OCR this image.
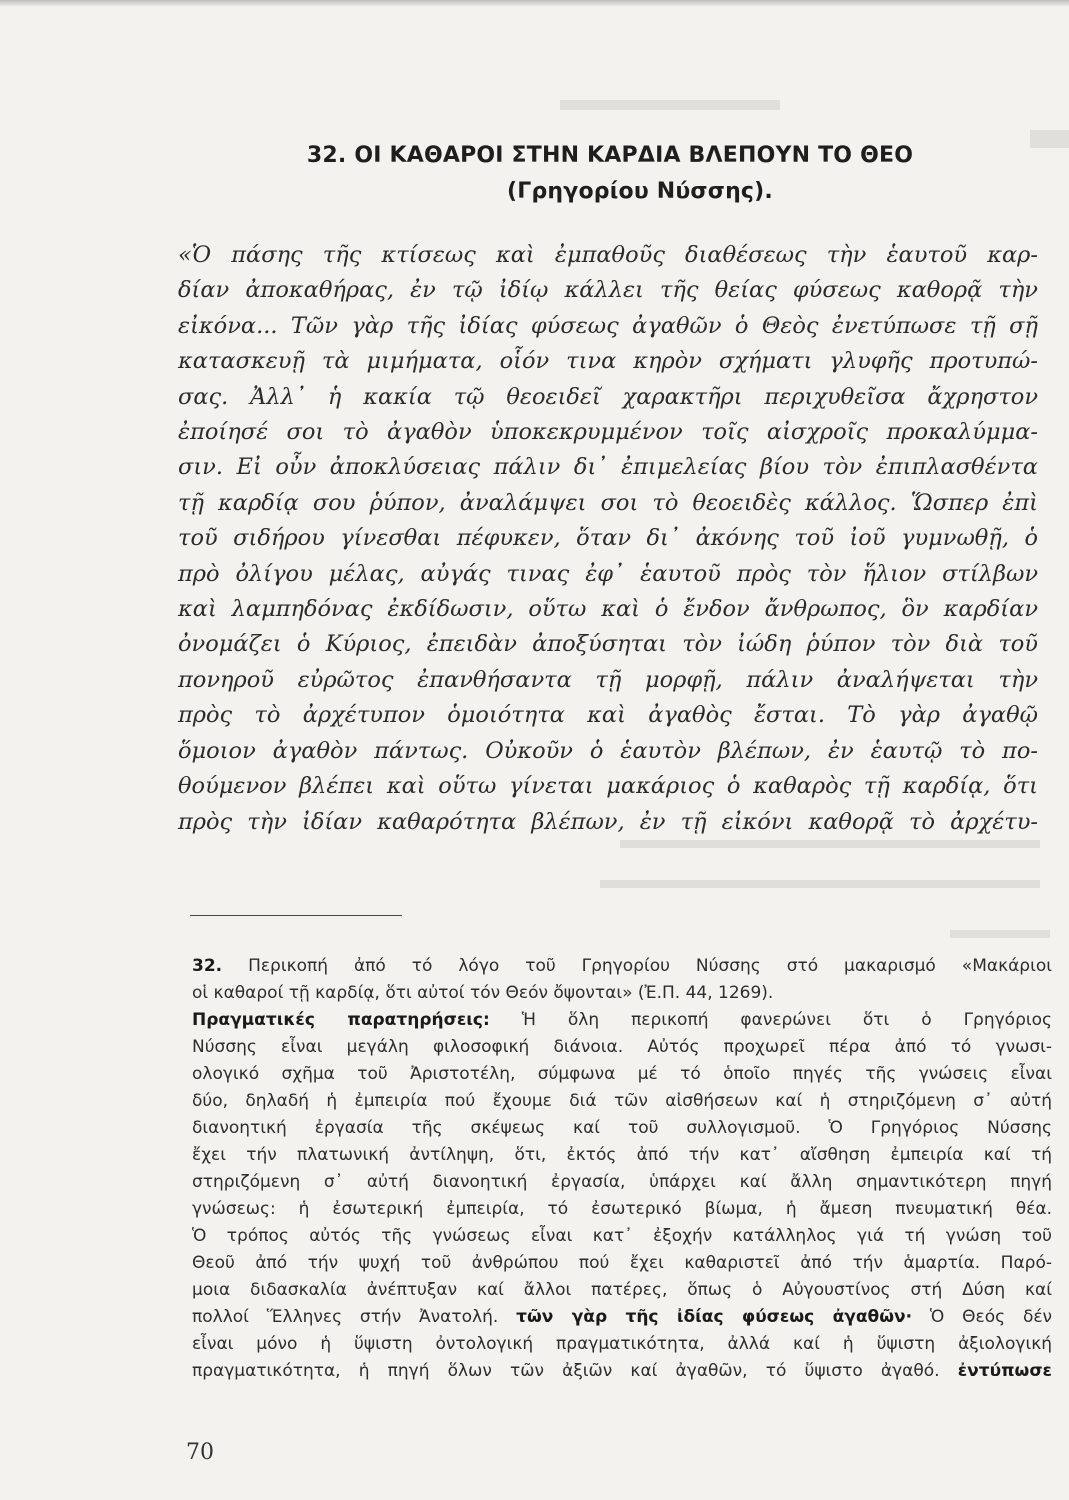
32. ΟΙ ΚΑΘΑΡΟΙ ΣΤΗΝ ΚΑΡΔΙΑ ΒΛΕΠΟΥΝ ΤΟ ΘΕΟ
(Γρηγορίου Νύσσης).
«Ὁ πάσης τῆς κτίσεως καὶ ἐμπαθοῦς διαθέσεως τὴν ἑαυτοῦ καρ-
δίαν ἀποκαθήρας, ἐν τῷ ἰδίῳ κάλλει τῆς θείας φύσεως καθορᾷ τὴν
εἰκόνα... Τῶν γὰρ τῆς ἰδίας φύσεως ἀγαθῶν ὁ Θεὸς ἐνετύπωσε τῇ σῇ
κατασκευῇ τὰ μιμήματα, οἷόν τινα κηρὸν σχήματι γλυφῆς προτυπώ-
σας. Ἀλλ᾽ ἡ κακία τῷ θεοειδεῖ χαρακτῆρι περιχυθεῖσα ἄχρηστον
ἐποίησέ σοι τὸ ἀγαθὸν ὑποκεκρυμμένον τοῖς αἰσχροῖς προκαλύμμα-
σιν. Εἰ οὖν ἀποκλύσειας πάλιν δι᾽ ἐπιμελείας βίου τὸν ἐπιπλασθέντα
τῇ καρδίᾳ σου ῥύπον, ἀναλάμψει σοι τὸ θεοειδὲς κάλλος. Ὥσπερ ἐπὶ
τοῦ σιδήρου γίνεσθαι πέφυκεν, ὅταν δι᾽ ἀκόνης τοῦ ἰοῦ γυμνωθῇ, ὁ
πρὸ ὀλίγου μέλας, αὐγάς τινας ἐφ᾽ ἑαυτοῦ πρὸς τὸν ἥλιον στίλβων
καὶ λαμπηδόνας ἐκδίδωσιν, οὕτω καὶ ὁ ἔνδον ἄνθρωπος, ὃν καρδίαν
ὀνομάζει ὁ Κύριος, ἐπειδὰν ἀποξύσηται τὸν ἰώδη ῥύπον τὸν διὰ τοῦ
πονηροῦ εὐρῶτος ἐπανθήσαντα τῇ μορφῇ, πάλιν ἀναλήψεται τὴν
πρὸς τὸ ἀρχέτυπον ὁμοιότητα καὶ ἀγαθὸς ἔσται. Τὸ γὰρ ἀγαθῷ
ὅμοιον ἀγαθὸν πάντως. Οὐκοῦν ὁ ἑαυτὸν βλέπων, ἐν ἑαυτῷ τὸ πο-
θούμενον βλέπει καὶ οὕτω γίνεται μακάριος ὁ καθαρὸς τῇ καρδίᾳ, ὅτι
πρὸς τὴν ἰδίαν καθαρότητα βλέπων, ἐν τῇ εἰκόνι καθορᾷ τὸ ἀρχέτυ-
32. Περικοπή ἀπό τό λόγο τοῦ Γρηγορίου Νύσσης στό μακαρισμό «Μακάριοι
οἱ καθαροί τῇ καρδίᾳ, ὅτι αὐτοί τόν Θεόν ὄψονται» (Ἐ.Π. 44, 1269).
Πραγματικές παρατηρήσεις: Ἡ ὅλη περικοπή φανερώνει ὅτι ὁ Γρηγόριος
Νύσσης εἶναι μεγάλη φιλοσοφική διάνοια. Αὐτός προχωρεῖ πέρα ἀπό τό γνωσι-
ολογικό σχῆμα τοῦ Ἀριστοτέλη, σύμφωνα μέ τό ὁποῖο πηγές τῆς γνώσεις εἶναι
δύο, δηλαδή ἡ ἐμπειρία πού ἔχουμε διά τῶν αἰσθήσεων καί ἡ στηριζόμενη σ᾽ αὐτή
διανοητική ἐργασία τῆς σκέψεως καί τοῦ συλλογισμοῦ. Ὁ Γρηγόριος Νύσσης
ἔχει τήν πλατωνική ἀντίληψη, ὅτι, ἐκτός ἀπό τήν κατ᾽ αἴσθηση ἐμπειρία καί τή
στηριζόμενη σ᾽ αὐτή διανοητική ἐργασία, ὑπάρχει καί ἄλλη σημαντικότερη πηγή
γνώσεως: ἡ ἐσωτερική ἐμπειρία, τό ἐσωτερικό βίωμα, ἡ ἄμεση πνευματική θέα.
Ὁ τρόπος αὐτός τῆς γνώσεως εἶναι κατ᾽ ἐξοχήν κατάλληλος γιά τή γνώση τοῦ
Θεοῦ ἀπό τήν ψυχή τοῦ ἀνθρώπου πού ἔχει καθαριστεῖ ἀπό τήν ἁμαρτία. Παρό-
μοια διδασκαλία ἀνέπτυξαν καί ἄλλοι πατέρες, ὅπως ὁ Αὐγουστίνος στή Δύση καί
πολλοί Ἕλληνες στήν Ἀνατολή. τῶν γὰρ τῆς ἰδίας φύσεως ἀγαθῶν· Ὁ Θεός δέν
εἶναι μόνο ἡ ὕψιστη ὀντολογική πραγματικότητα, ἀλλά καί ἡ ὕψιστη ἀξιολογική
πραγματικότητα, ἡ πηγή ὅλων τῶν ἀξιῶν καί ἀγαθῶν, τό ὕψιστο ἀγαθό. ἐντύπωσε
70
